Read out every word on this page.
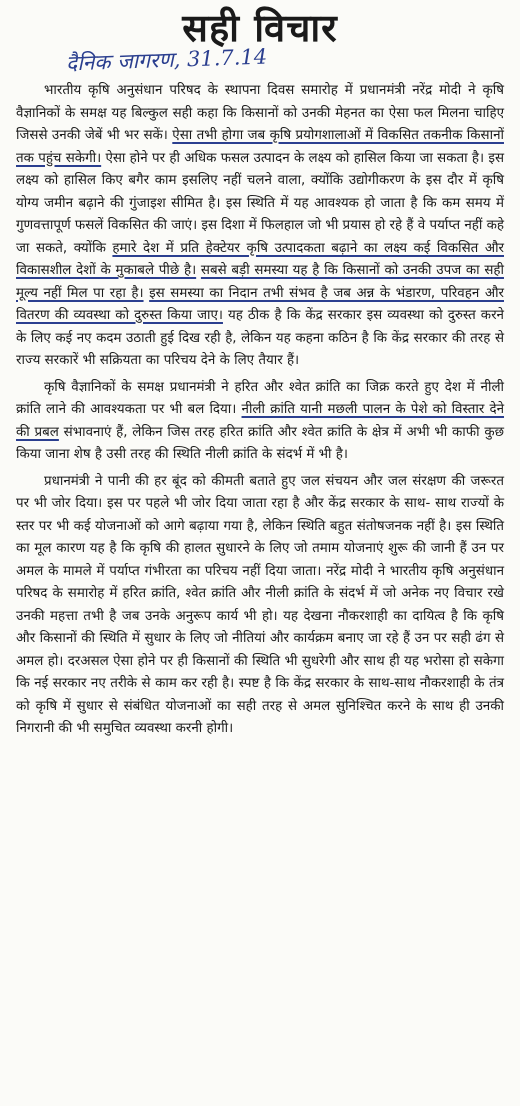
सही विचार
दैनिक जागरण, 31.7.14

भारतीय कृषि अनुसंधान परिषद के स्थापना दिवस समारोह में प्रधानमंत्री नरेंद्र मोदी ने कृषि वैज्ञानिकों के समक्ष यह बिल्कुल सही कहा कि किसानों को उनकी मेहनत का ऐसा फल मिलना चाहिए जिससे उनकी जेबें भी भर सकें। ऐसा तभी होगा जब कृषि प्रयोगशालाओं में विकसित तकनीक किसानों तक पहुंच सकेगी। ऐसा होने पर ही अधिक फसल उत्पादन के लक्ष्य को हासिल किया जा सकता है। इस लक्ष्य को हासिल किए बगैर काम इसलिए नहीं चलने वाला, क्योंकि उद्योगीकरण के इस दौर में कृषि योग्य जमीन बढ़ाने की गुंजाइश सीमित है। इस स्थिति में यह आवश्यक हो जाता है कि कम समय में गुणवत्तापूर्ण फसलें विकसित की जाएं। इस दिशा में फिलहाल जो भी प्रयास हो रहे हैं वे पर्याप्त नहीं कहे जा सकते, क्योंकि हमारे देश में प्रति हेक्टेयर कृषि उत्पादकता बढ़ाने का लक्ष्य कई विकसित और विकासशील देशों के मुकाबले पीछे है। सबसे बड़ी समस्या यह है कि किसानों को उनकी उपज का सही मूल्य नहीं मिल पा रहा है। इस समस्या का निदान तभी संभव है जब अन्न के भंडारण, परिवहन और वितरण की व्यवस्था को दुरुस्त किया जाए। यह ठीक है कि केंद्र सरकार इस व्यवस्था को दुरुस्त करने के लिए कई नए कदम उठाती हुई दिख रही है, लेकिन यह कहना कठिन है कि केंद्र सरकार की तरह से राज्य सरकारें भी सक्रियता का परिचय देने के लिए तैयार हैं।

कृषि वैज्ञानिकों के समक्ष प्रधानमंत्री ने हरित और श्वेत क्रांति का जिक्र करते हुए देश में नीली क्रांति लाने की आवश्यकता पर भी बल दिया। नीली क्रांति यानी मछली पालन के पेशे को विस्तार देने की प्रबल संभावनाएं हैं, लेकिन जिस तरह हरित क्रांति और श्वेत क्रांति के क्षेत्र में अभी भी काफी कुछ किया जाना शेष है उसी तरह की स्थिति नीली क्रांति के संदर्भ में भी है।

प्रधानमंत्री ने पानी की हर बूंद को कीमती बताते हुए जल संचयन और जल संरक्षण की जरूरत पर भी जोर दिया। इस पर पहले भी जोर दिया जाता रहा है और केंद्र सरकार के साथ- साथ राज्यों के स्तर पर भी कई योजनाओं को आगे बढ़ाया गया है, लेकिन स्थिति बहुत संतोषजनक नहीं है। इस स्थिति का मूल कारण यह है कि कृषि की हालत सुधारने के लिए जो तमाम योजनाएं शुरू की जानी हैं उन पर अमल के मामले में पर्याप्त गंभीरता का परिचय नहीं दिया जाता। नरेंद्र मोदी ने भारतीय कृषि अनुसंधान परिषद के समारोह में हरित क्रांति, श्वेत क्रांति और नीली क्रांति के संदर्भ में जो अनेक नए विचार रखे उनकी महत्ता तभी है जब उनके अनुरूप कार्य भी हो। यह देखना नौकरशाही का दायित्व है कि कृषि और किसानों की स्थिति में सुधार के लिए जो नीतियां और कार्यक्रम बनाए जा रहे हैं उन पर सही ढंग से अमल हो। दरअसल ऐसा होने पर ही किसानों की स्थिति भी सुधरेगी और साथ ही यह भरोसा हो सकेगा कि नई सरकार नए तरीके से काम कर रही है। स्पष्ट है कि केंद्र सरकार के साथ-साथ नौकरशाही के तंत्र को कृषि में सुधार से संबंधित योजनाओं का सही तरह से अमल सुनिश्चित करने के साथ ही उनकी निगरानी की भी समुचित व्यवस्था करनी होगी।
